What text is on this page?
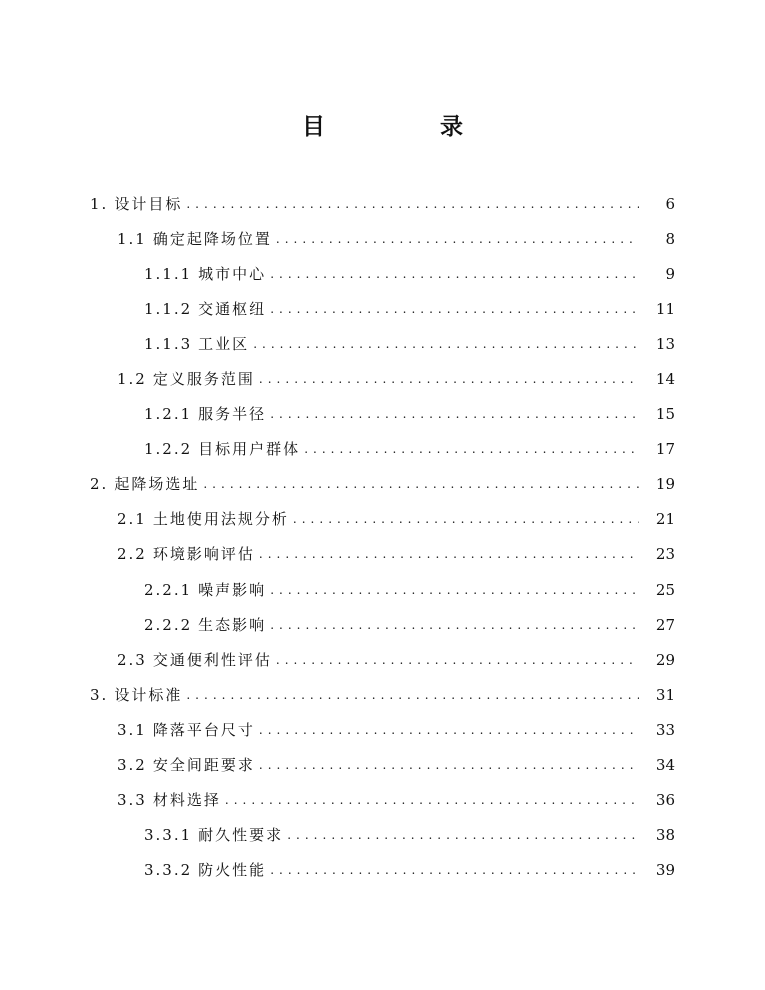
目　录
1. 设计目标 . . .	6
1.1 确定起降场位置 . . .	8
1.1.1 城市中心 . . .	9
1.1.2 交通枢纽 . . .	11
1.1.3 工业区 . . .	13
1.2 定义服务范围 . . .	14
1.2.1 服务半径 . . .	15
1.2.2 目标用户群体 . . .	17
2. 起降场选址 . . .	19
2.1 土地使用法规分析 . . .	21
2.2 环境影响评估 . . .	23
2.2.1 噪声影响 . . .	25
2.2.2 生态影响 . . .	27
2.3 交通便利性评估 . . .	29
3. 设计标准 . . .	31
3.1 降落平台尺寸 . . .	33
3.2 安全间距要求 . . .	34
3.3 材料选择 . . .	36
3.3.1 耐久性要求 . . .	38
3.3.2 防火性能 . . .	39
